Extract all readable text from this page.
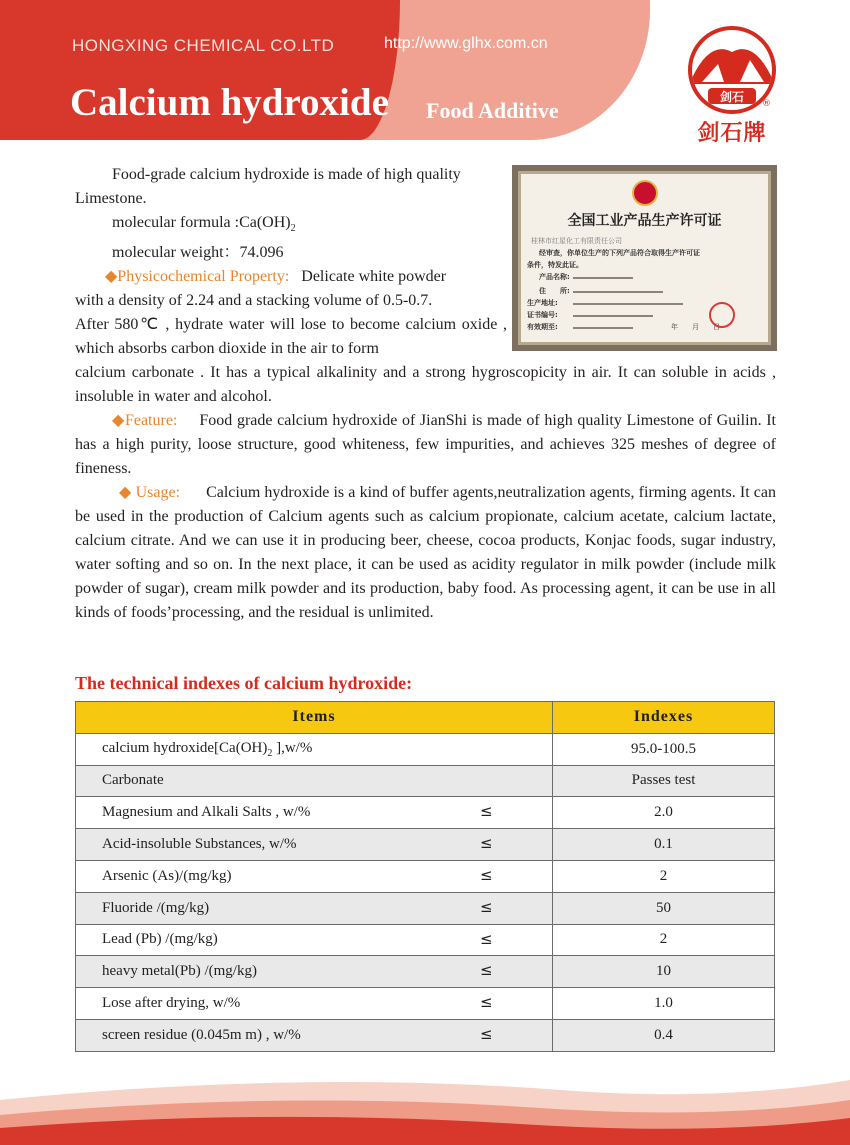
HONGXING CHEMICAL CO.LTD	http://www.glhx.com.cn
Calcium hydroxide Food Additive
剑石 ®
剑石牌
全国工业产品生产许可证
桂林市红星化工有限责任公司
经审查，你单位生产的下列产品符合取得生产许可证
条件，特发此证。
产品名称:
住　　所:
生产地址:
证书编号:
有效期至:	年　　月　　日
Food-grade calcium hydroxide is made of high quality
Limestone.
molecular formula $:Ca(OH)_2$
molecular weight：74.096
◆Physicochemical Property: Delicate white powder
with a density of 2.24 and a stacking volume of 0.5-0.7.
After 580℃ , hydrate water will lose to become calcium oxide , which absorbs carbon dioxide in the air to form
calcium carbonate . It has a typical alkalinity and a strong hygroscopicity in air. It can soluble in acids , insoluble in water and alcohol.
◆Feature: Food grade calcium hydroxide of JianShi is made of high quality Limestone of Guilin. It has a high purity, loose structure, good whiteness, few impurities, and achieves 325 meshes of degree of fineness.
◆ Usage: Calcium hydroxide is a kind of buffer agents,neutralization agents, firming agents. It can be used in the production of Calcium agents such as calcium propionate, calcium acetate, calcium lactate, calcium citrate. And we can use it in producing beer, cheese, cocoa products, Konjac foods, sugar industry, water softing and so on. In the next place, it can be used as acidity regulator in milk powder (include milk powder of sugar), cream milk powder and its production, baby food. As processing agent, it can be use in all kinds of foods’processing, and the residual is unlimited.
The technical indexes of calcium hydroxide:
Items	Indexes
calcium $hydroxide[Ca(OH)_2$ ],w/%	95.0-100.5
Carbonate	Passes test
Magnesium and Alkali Salts , w/% ≤	2.0
Acid-insoluble Substances, w/% ≤	0.1
Arsenic (As)/(mg/kg) ≤	2
Fluoride /(mg/kg) ≤	50
Lead (Pb) /(mg/kg) ≤	2
heavy metal(Pb) /(mg/kg) ≤	10
Lose after drying, w/% ≤	1.0
screen residue (0.045m m) , w/% ≤	0.4
